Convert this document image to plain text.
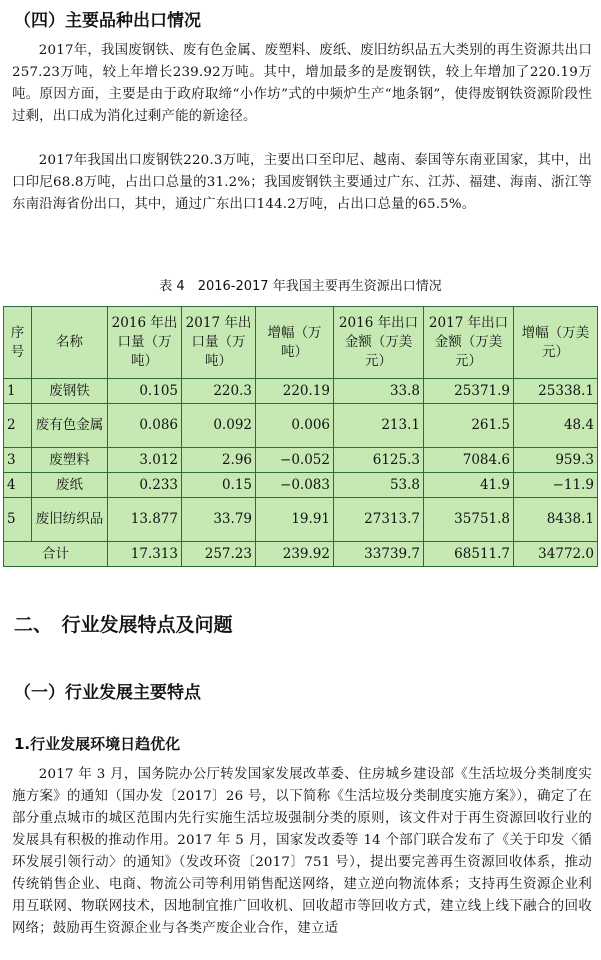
（四）主要品种出口情况

2017年，我国废钢铁、废有色金属、废塑料、废纸、废旧纺织品五大类别的再生资源共出口257.23万吨，较上年增长239.92万吨。其中，增加最多的是废钢铁，较上年增加了220.19万吨。原因方面，主要是由于政府取缔“小作坊”式的中频炉生产“地条钢”，使得废钢铁资源阶段性过剩，出口成为消化过剩产能的新途径。

2017年我国出口废钢铁220.3万吨，主要出口至印尼、越南、泰国等东南亚国家，其中，出口印尼68.8万吨，占出口总量的31.2%；我国废钢铁主要通过广东、江苏、福建、海南、浙江等东南沿海省份出口，其中，通过广东出口144.2万吨，占出口总量的65.5%。

表 4　2016-2017 年我国主要再生资源出口情况
序号	名称	2016 年出口量（万吨）	2017 年出口量（万吨）	增幅（万吨）	2016 年出口金额（万美元）	2017 年出口金额（万美元）	增幅（万美元）
1	废钢铁	0.105	220.3	220.19	33.8	25371.9	25338.1
2	废有色金属	0.086	0.092	0.006	213.1	261.5	48.4
3	废塑料	3.012	2.96	−0.052	6125.3	7084.6	959.3
4	废纸	0.233	0.15	−0.083	53.8	41.9	−11.9
5	废旧纺织品	13.877	33.79	19.91	27313.7	35751.8	8438.1
合计		17.313	257.23	239.92	33739.7	68511.7	34772.0
二、　行业发展特点及问题
（一）行业发展主要特点
1.行业发展环境日趋优化

2017 年 3 月，国务院办公厅转发国家发展改革委、住房城乡建设部《生活垃圾分类制度实施方案》的通知（国办发〔2017〕26 号，以下简称《生活垃圾分类制度实施方案》），确定了在部分重点城市的城区范围内先行实施生活垃圾强制分类的原则，该文件对于再生资源回收行业的发展具有积极的推动作用。2017 年 5 月，国家发改委等 14 个部门联合发布了《关于印发〈循环发展引领行动〉的通知》（发改环资〔2017〕751 号），提出要完善再生资源回收体系，推动传统销售企业、电商、物流公司等利用销售配送网络，建立逆向物流体系；支持再生资源企业利用互联网、物联网技术，因地制宜推广回收机、回收超市等回收方式，建立线上线下融合的回收网络；鼓励再生资源企业与各类产废企业合作，建立适
